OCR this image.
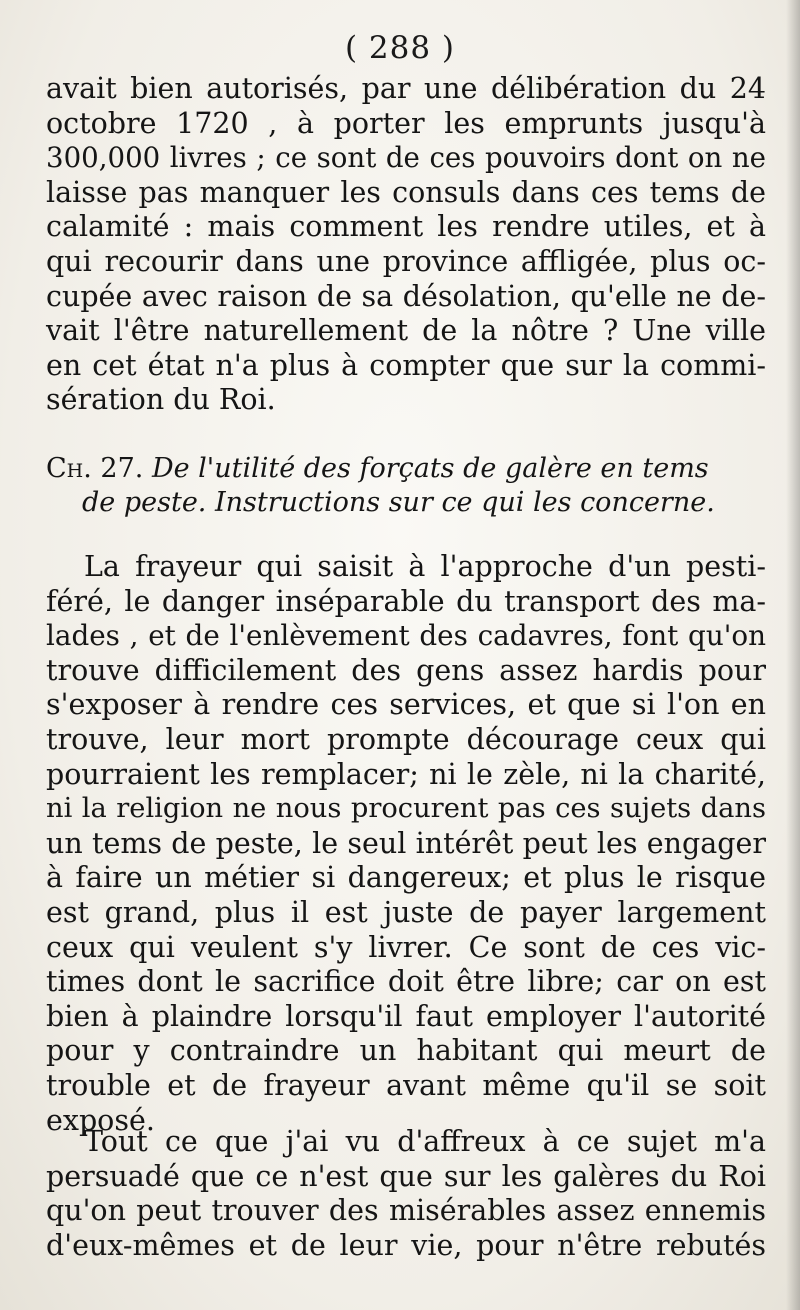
( 288 )
avait bien autorisés, par une délibération du 24
octobre 1720 , à porter les emprunts jusqu'à
300,000 livres ; ce sont de ces pouvoirs dont on ne
laisse pas manquer les consuls dans ces tems de
calamité : mais comment les rendre utiles, et à
qui recourir dans une province affligée, plus oc-
cupée avec raison de sa désolation, qu'elle ne de-
vait l'être naturellement de la nôtre ? Une ville
en cet état n'a plus à compter que sur la commi-
sération du Roi.
Ch. 27. De l'utilité des forçats de galère en tems
de peste. Instructions sur ce qui les concerne.
La frayeur qui saisit à l'approche d'un pesti-
féré, le danger inséparable du transport des ma-
lades , et de l'enlèvement des cadavres, font qu'on
trouve difficilement des gens assez hardis pour
s'exposer à rendre ces services, et que si l'on en
trouve, leur mort prompte décourage ceux qui
pourraient les remplacer; ni le zèle, ni la charité,
ni la religion ne nous procurent pas ces sujets dans
un tems de peste, le seul intérêt peut les engager
à faire un métier si dangereux; et plus le risque
est grand, plus il est juste de payer largement
ceux qui veulent s'y livrer. Ce sont de ces vic-
times dont le sacrifice doit être libre; car on est
bien à plaindre lorsqu'il faut employer l'autorité
pour y contraindre un habitant qui meurt de
trouble et de frayeur avant même qu'il se soit
exposé.
Tout ce que j'ai vu d'affreux à ce sujet m'a
persuadé que ce n'est que sur les galères du Roi
qu'on peut trouver des misérables assez ennemis
d'eux-mêmes et de leur vie, pour n'être rebutés
